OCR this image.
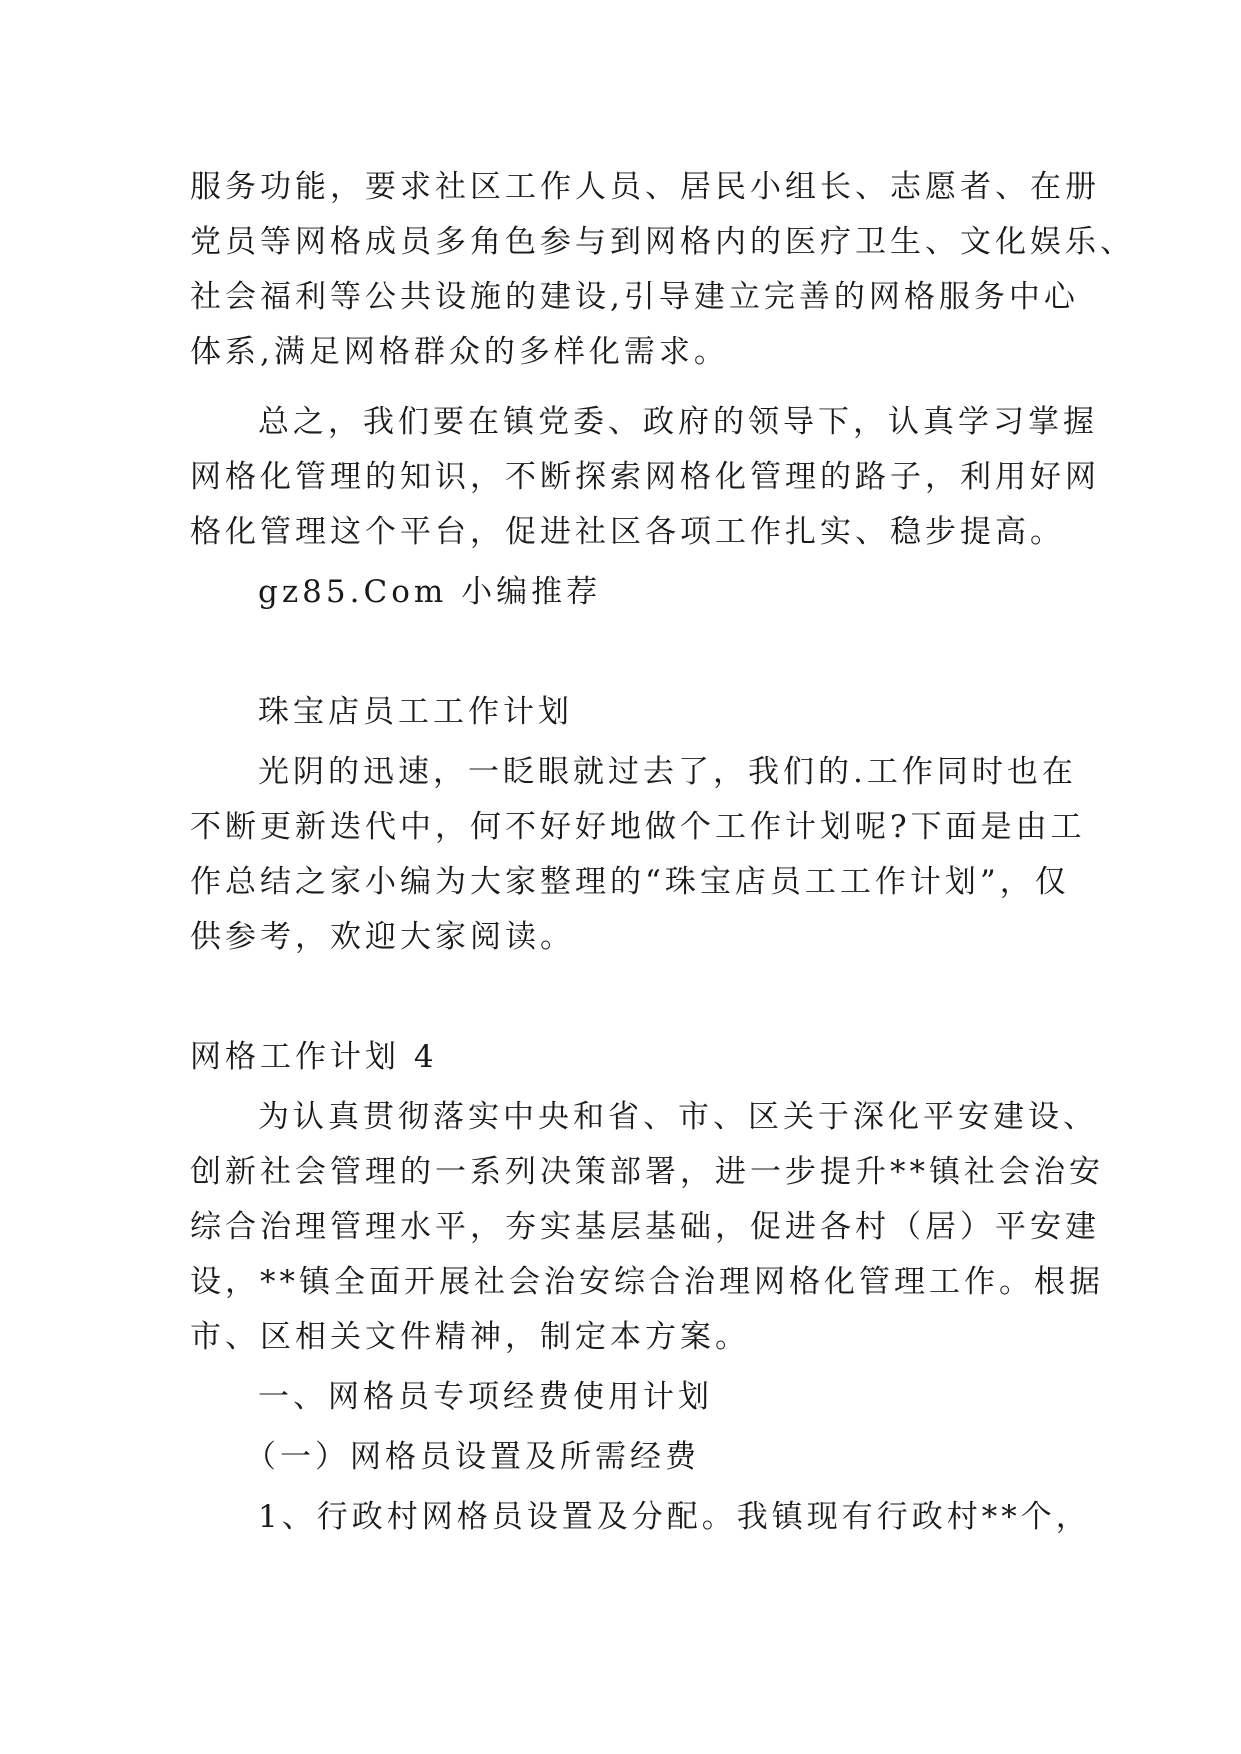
服务功能，要求社区工作人员、居民小组长、志愿者、在册
党员等网格成员多角色参与到网格内的医疗卫生、文化娱乐、
社会福利等公共设施的建设,引导建立完善的网格服务中心
体系,满足网格群众的多样化需求。
总之，我们要在镇党委、政府的领导下，认真学习掌握
网格化管理的知识，不断探索网格化管理的路子，利用好网
格化管理这个平台，促进社区各项工作扎实、稳步提高。
gz85.Com 小编推荐
珠宝店员工工作计划
光阴的迅速，一眨眼就过去了，我们的.工作同时也在
不断更新迭代中，何不好好地做个工作计划呢?下面是由工
作总结之家小编为大家整理的“珠宝店员工工作计划”，仅
供参考，欢迎大家阅读。
网格工作计划 4
为认真贯彻落实中央和省、市、区关于深化平安建设、
创新社会管理的一系列决策部署，进一步提升**镇社会治安
综合治理管理水平，夯实基层基础，促进各村（居）平安建
设，**镇全面开展社会治安综合治理网格化管理工作。根据
市、区相关文件精神，制定本方案。
一、网格员专项经费使用计划
（一）网格员设置及所需经费
1、行政村网格员设置及分配。我镇现有行政村**个，
